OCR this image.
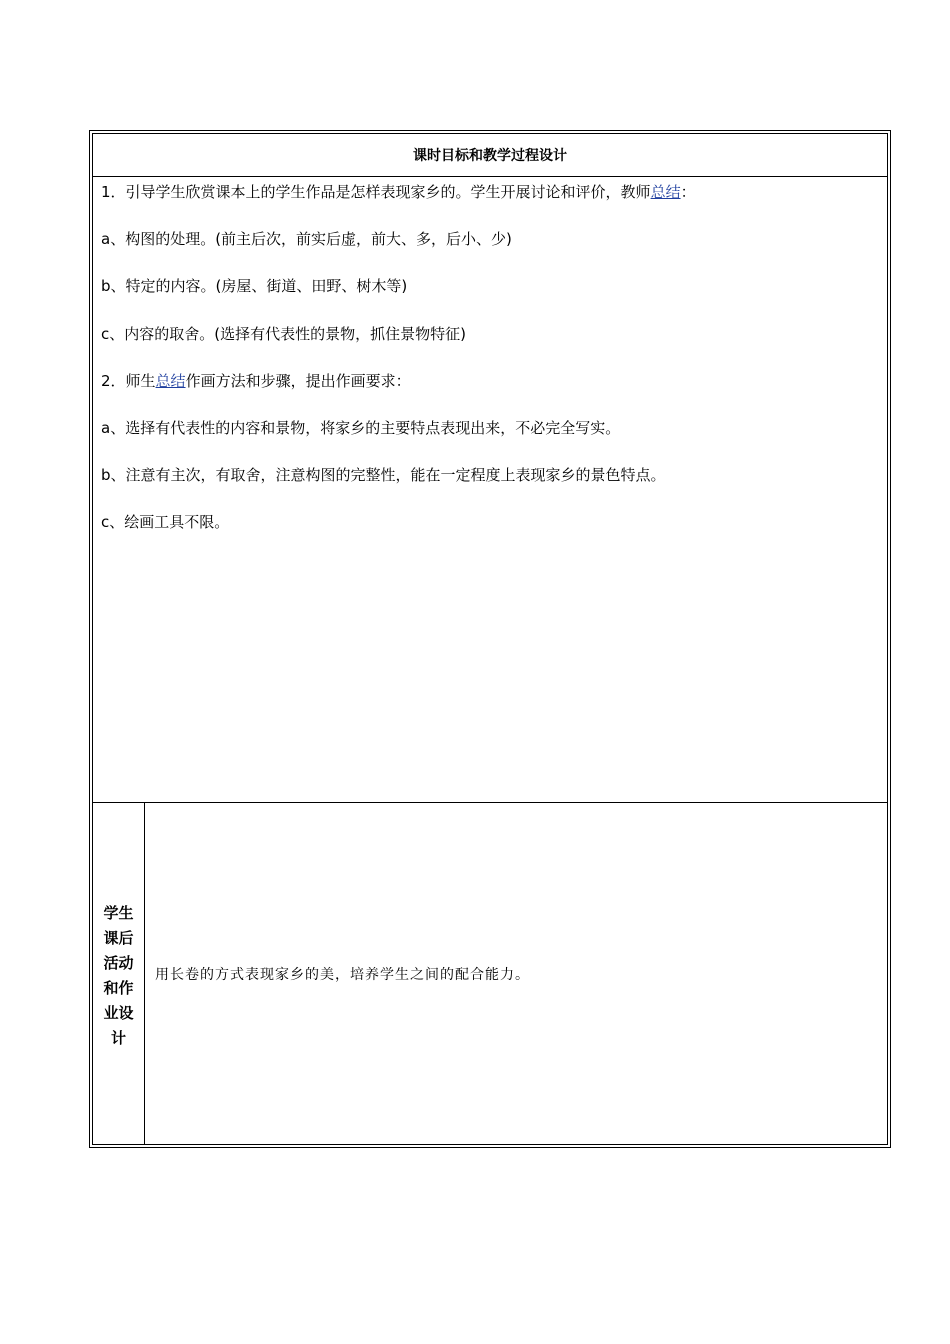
课时目标和教学过程设计

1．引导学生欣赏课本上的学生作品是怎样表现家乡的。学生开展讨论和评价，教师总结：

a、构图的处理。(前主后次，前实后虚，前大、多，后小、少)

b、特定的内容。(房屋、街道、田野、树木等)

c、内容的取舍。(选择有代表性的景物，抓住景物特征)

2．师生总结作画方法和步骤，提出作画要求：

a、选择有代表性的内容和景物，将家乡的主要特点表现出来，不必完全写实。

b、注意有主次，有取舍，注意构图的完整性，能在一定程度上表现家乡的景色特点。

c、绘画工具不限。

学生课后活动和作业设计
用长卷的方式表现家乡的美，培养学生之间的配合能力。
